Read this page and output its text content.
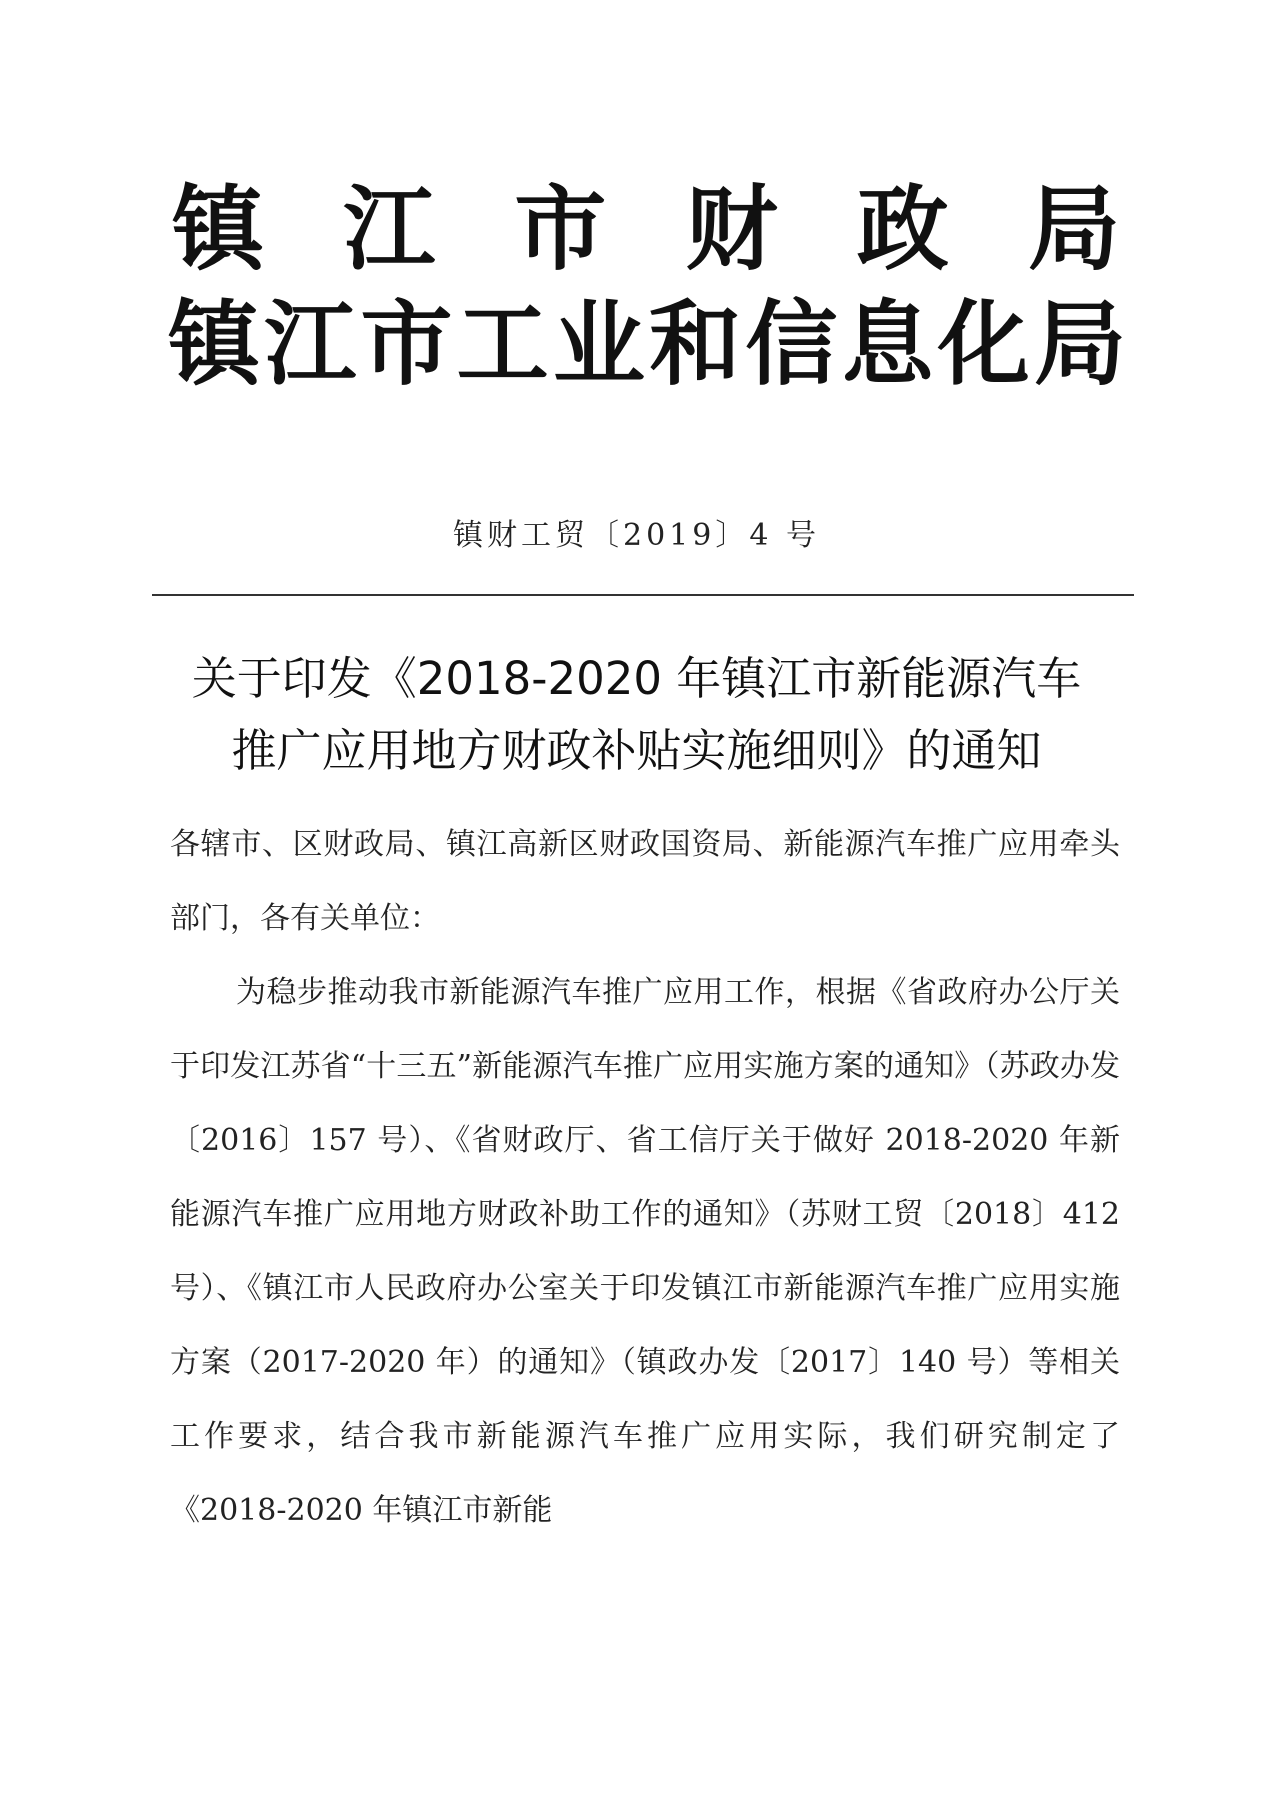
镇 江 市 财 政 局
镇 江 市 工 业 和 信 息 化 局
镇财工贸〔2019〕4 号
关于印发《2018-2020 年镇江市新能源汽车
推广应用地方财政补贴实施细则》的通知

各辖市、区财政局、镇江高新区财政国资局、新能源汽车推广应用牵头部门，各有关单位：

为稳步推动我市新能源汽车推广应用工作，根据《省政府办公厅关于印发江苏省“十三五”新能源汽车推广应用实施方案的通知》（苏政办发〔2016〕157 号）、《省财政厅、省工信厅关于做好 2018-2020 年新能源汽车推广应用地方财政补助工作的通知》（苏财工贸〔2018〕412 号）、《镇江市人民政府办公室关于印发镇江市新能源汽车推广应用实施方案（2017-2020 年）的通知》（镇政办发〔2017〕140 号）等相关工作要求，结合我市新能源汽车推广应用实际，我们研究制定了《2018-2020 年镇江市新能
